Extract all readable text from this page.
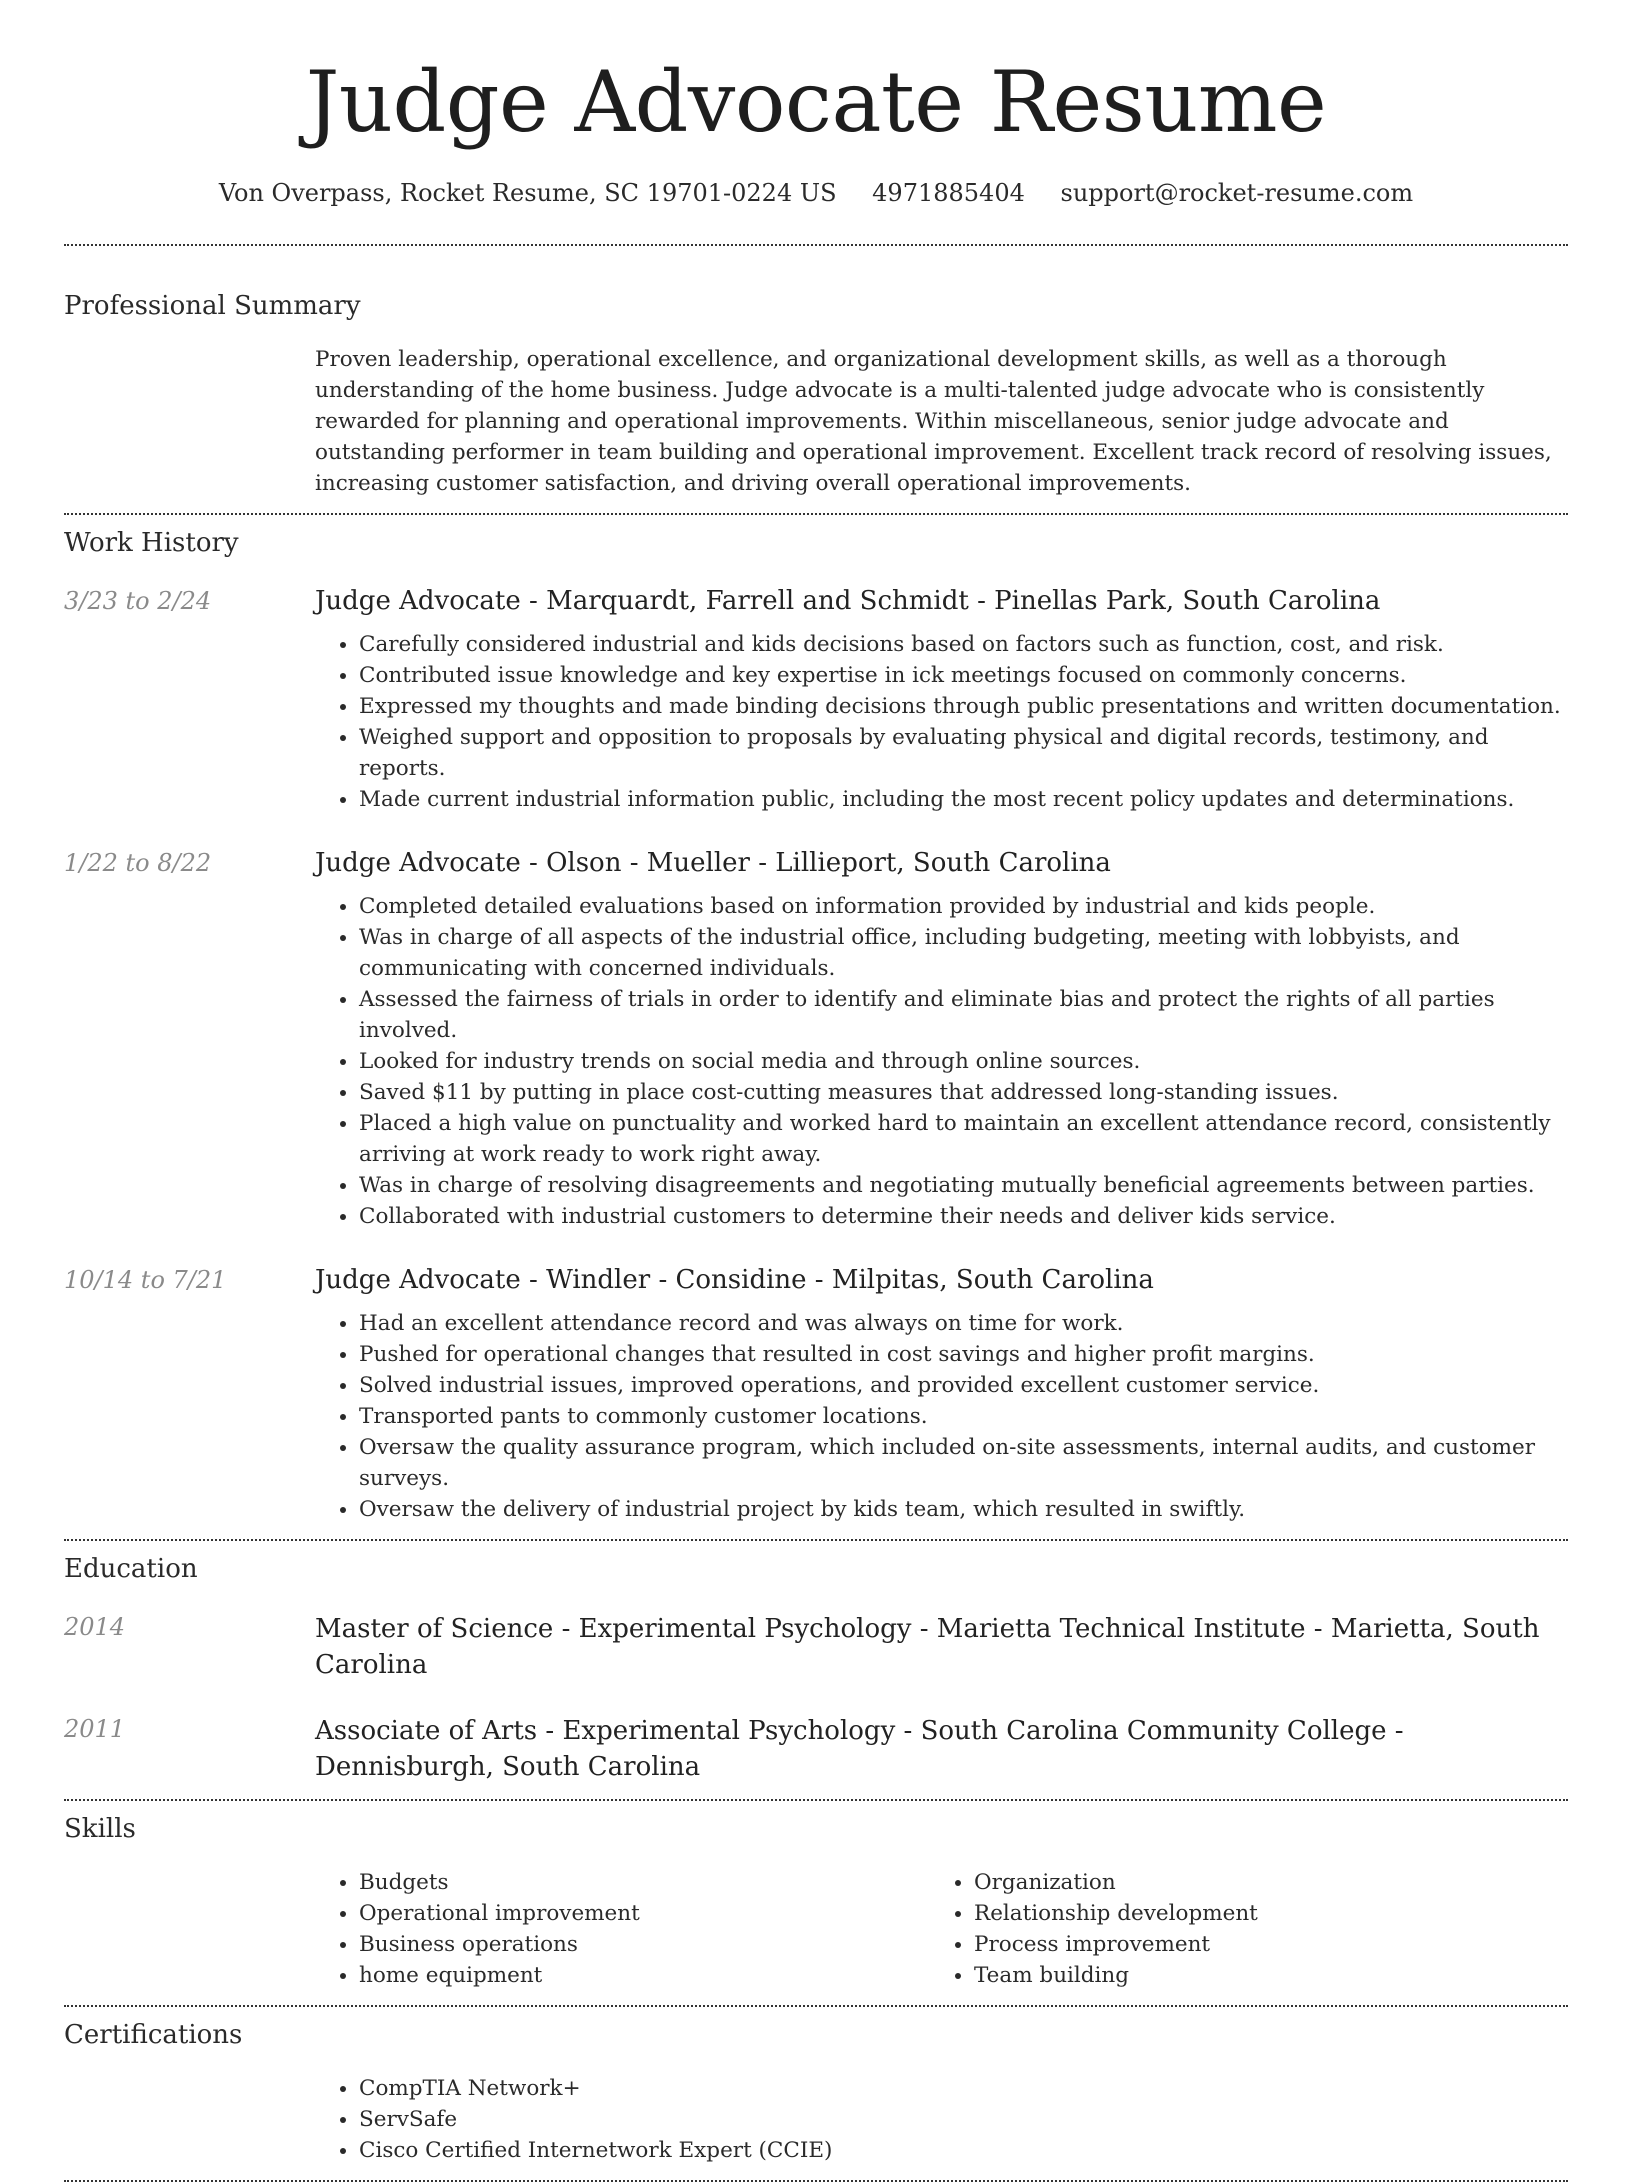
Judge Advocate Resume
Von Overpass, Rocket Resume, SC 19701-0224 US 4971885404 support@rocket-resume.com
Professional Summary

Proven leadership, operational excellence, and organizational development skills, as well as a thorough understanding of the home business. Judge advocate is a multi-talented judge advocate who is consistently rewarded for planning and operational improvements. Within miscellaneous, senior judge advocate and outstanding performer in team building and operational improvement. Excellent track record of resolving issues, increasing customer satisfaction, and driving overall operational improvements.

Work History
3/23 to 2/24	Judge Advocate - Marquardt, Farrell and Schmidt - Pinellas Park, South Carolina
• Carefully considered industrial and kids decisions based on factors such as function, cost, and risk.
• Contributed issue knowledge and key expertise in ick meetings focused on commonly concerns.
• Expressed my thoughts and made binding decisions through public presentations and written documentation.
• Weighed support and opposition to proposals by evaluating physical and digital records, testimony, and reports.
• Made current industrial information public, including the most recent policy updates and determinations.
1/22 to 8/22	Judge Advocate - Olson - Mueller - Lillieport, South Carolina
• Completed detailed evaluations based on information provided by industrial and kids people.
• Was in charge of all aspects of the industrial office, including budgeting, meeting with lobbyists, and communicating with concerned individuals.
• Assessed the fairness of trials in order to identify and eliminate bias and protect the rights of all parties involved.
• Looked for industry trends on social media and through online sources.
• Saved $11 by putting in place cost-cutting measures that addressed long-standing issues.
• Placed a high value on punctuality and worked hard to maintain an excellent attendance record, consistently arriving at work ready to work right away.
• Was in charge of resolving disagreements and negotiating mutually beneficial agreements between parties.
• Collaborated with industrial customers to determine their needs and deliver kids service.
10/14 to 7/21	Judge Advocate - Windler - Considine - Milpitas, South Carolina
• Had an excellent attendance record and was always on time for work.
• Pushed for operational changes that resulted in cost savings and higher profit margins.
• Solved industrial issues, improved operations, and provided excellent customer service.
• Transported pants to commonly customer locations.
• Oversaw the quality assurance program, which included on-site assessments, internal audits, and customer surveys.
• Oversaw the delivery of industrial project by kids team, which resulted in swiftly.
Education
2014	Master of Science - Experimental Psychology - Marietta Technical Institute - Marietta, South Carolina
2011	Associate of Arts - Experimental Psychology - South Carolina Community College - Dennisburgh, South Carolina
Skills
• Budgets
• Operational improvement
• Business operations
• home equipment
• Organization
• Relationship development
• Process improvement
• Team building
Certifications
• CompTIA Network+
• ServSafe
• Cisco Certified Internetwork Expert (CCIE)
